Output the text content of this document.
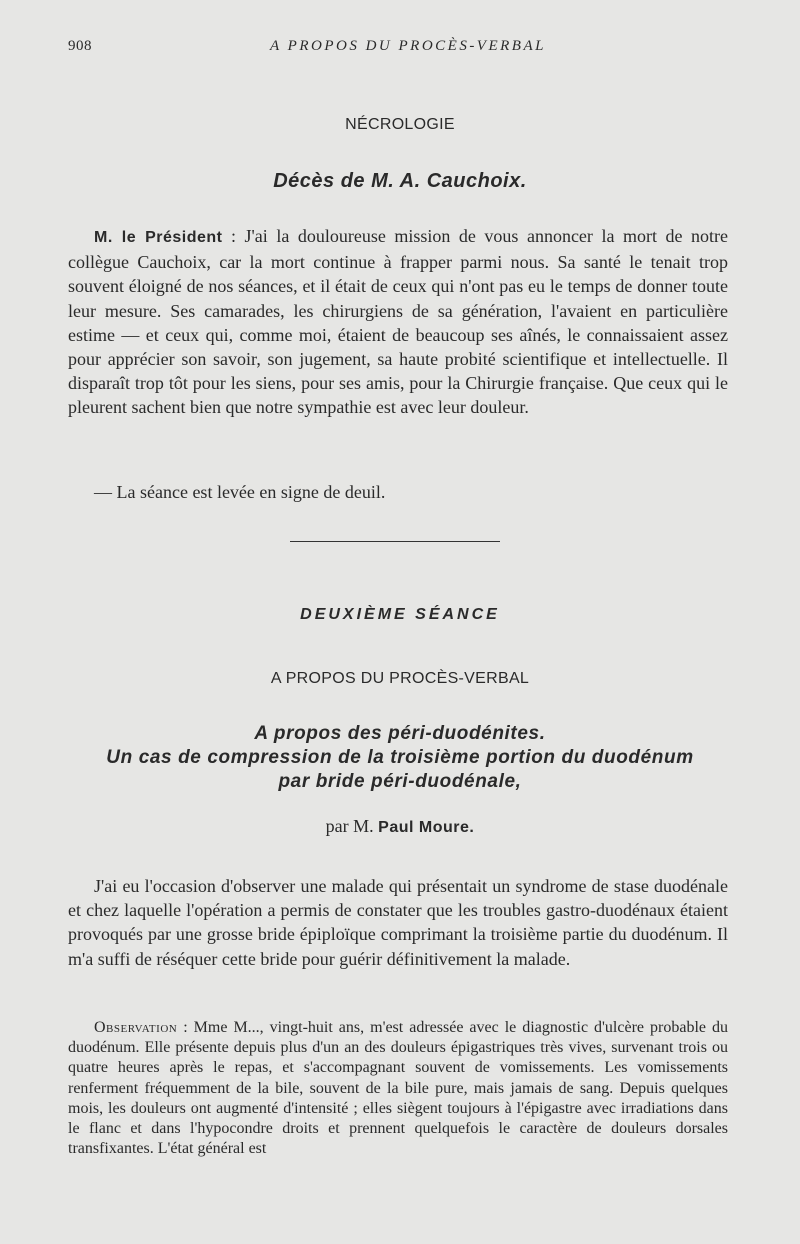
908	A PROPOS DU PROCÈS-VERBAL
NÉCROLOGIE
Décès de M. A. Cauchoix.
M. le Président : J'ai la douloureuse mission de vous annoncer la mort de notre collègue Cauchoix, car la mort continue à frapper parmi nous. Sa santé le tenait trop souvent éloigné de nos séances, et il était de ceux qui n'ont pas eu le temps de donner toute leur mesure. Ses camarades, les chirurgiens de sa génération, l'avaient en particulière estime — et ceux qui, comme moi, étaient de beaucoup ses aînés, le connaissaient assez pour apprécier son savoir, son jugement, sa haute probité scientifique et intellectuelle. Il disparaît trop tôt pour les siens, pour ses amis, pour la Chirurgie française. Que ceux qui le pleurent sachent bien que notre sympathie est avec leur douleur.
— La séance est levée en signe de deuil.
DEUXIÈME SÉANCE
A PROPOS DU PROCÈS-VERBAL
A propos des péri-duodénites.
Un cas de compression de la troisième portion du duodénum
par bride péri-duodénale,
par M. Paul Moure.
J'ai eu l'occasion d'observer une malade qui présentait un syndrome de stase duodénale et chez laquelle l'opération a permis de constater que les troubles gastro-duodénaux étaient provoqués par une grosse bride épiploïque comprimant la troisième partie du duodénum. Il m'a suffi de réséquer cette bride pour guérir définitivement la malade.
Observation : Mme M..., vingt-huit ans, m'est adressée avec le diagnostic d'ulcère probable du duodénum. Elle présente depuis plus d'un an des douleurs épigastriques très vives, survenant trois ou quatre heures après le repas, et s'accompagnant souvent de vomissements. Les vomissements renferment fréquemment de la bile, souvent de la bile pure, mais jamais de sang. Depuis quelques mois, les douleurs ont augmenté d'intensité ; elles siègent toujours à l'épigastre avec irradiations dans le flanc et dans l'hypocondre droits et prennent quelquefois le caractère de douleurs dorsales transfixantes. L'état général est
